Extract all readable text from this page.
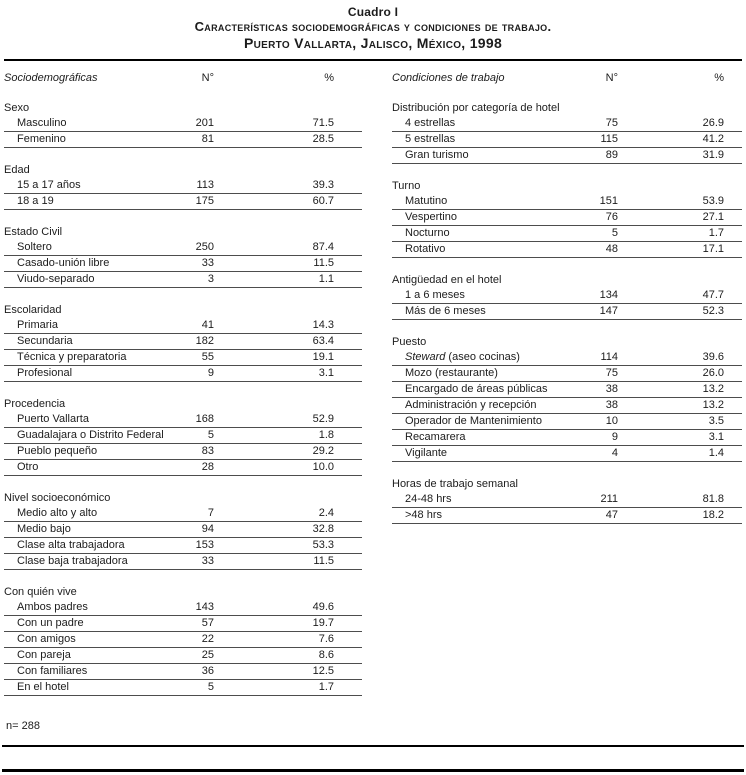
Cuadro I
Características sociodemográficas y condiciones de trabajo.
Puerto Vallarta, Jalisco, México, 1998
Sociodemográficas	N°	%
Sexo
Masculino	201	71.5
Femenino	81	28.5
Edad
15 a 17 años	113	39.3
18 a 19	175	60.7
Estado Civil
Soltero	250	87.4
Casado-unión libre	33	11.5
Viudo-separado	3	1.1
Escolaridad
Primaria	41	14.3
Secundaria	182	63.4
Técnica y preparatoria	55	19.1
Profesional	9	3.1
Procedencia
Puerto Vallarta	168	52.9
Guadalajara o Distrito Federal	5	1.8
Pueblo pequeño	83	29.2
Otro	28	10.0
Nivel socioeconómico
Medio alto y alto	7	2.4
Medio bajo	94	32.8
Clase alta trabajadora	153	53.3
Clase baja trabajadora	33	11.5
Con quién vive
Ambos padres	143	49.6
Con un padre	57	19.7
Con amigos	22	7.6
Con pareja	25	8.6
Con familiares	36	12.5
En el hotel	5	1.7
Condiciones de trabajo	N°	%
Distribución por categoría de hotel
4 estrellas	75	26.9
5 estrellas	115	41.2
Gran turismo	89	31.9
Turno
Matutino	151	53.9
Vespertino	76	27.1
Nocturno	5	1.7
Rotativo	48	17.1
Antigüedad en el hotel
1 a 6 meses	134	47.7
Más de 6 meses	147	52.3
Puesto
Steward (aseo cocinas)	114	39.6
Mozo (restaurante)	75	26.0
Encargado de áreas públicas	38	13.2
Administración y recepción	38	13.2
Operador de Mantenimiento	10	3.5
Recamarera	9	3.1
Vigilante	4	1.4
Horas de trabajo semanal
24-48 hrs	211	81.8
>48 hrs	47	18.2
n= 288
